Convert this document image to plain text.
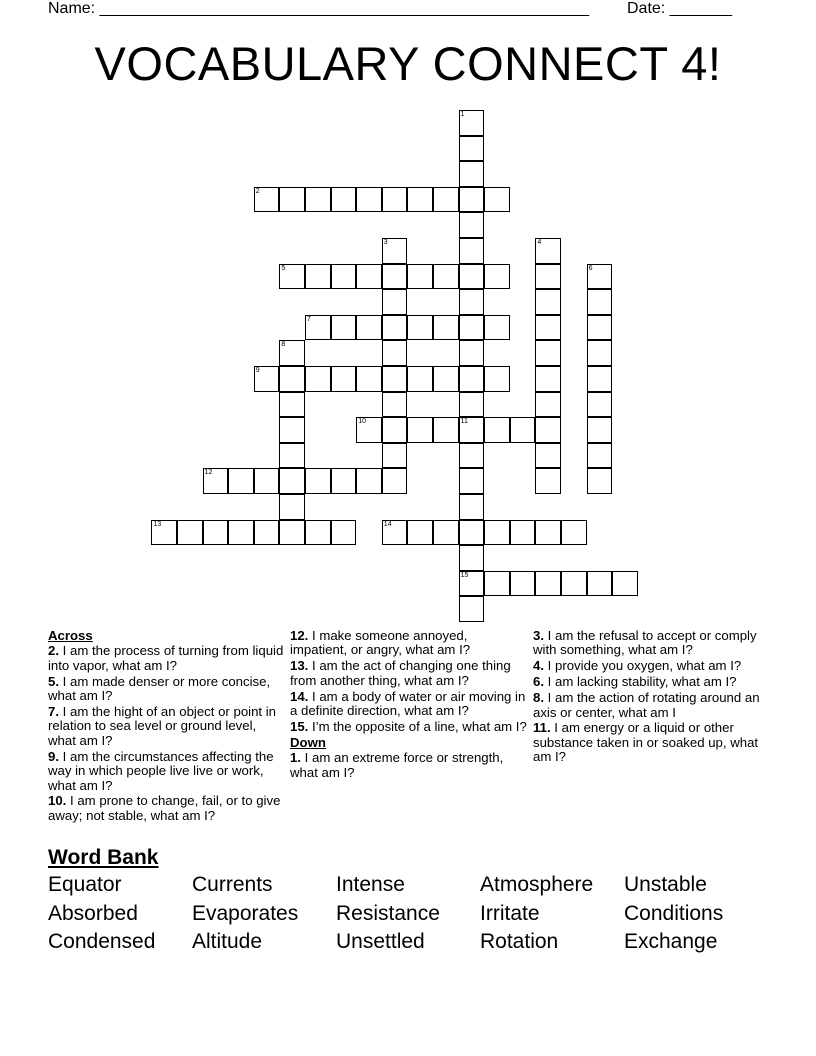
Name: _______________________________________________________ Date: _______
VOCABULARY CONNECT 4!
1
11
15
2
3	4
5	6
7
8
9
10
12
13	14
Across
2. I am the process of turning from liquid into vapor, what am I?
5. I am made denser or more concise, what am I?
7. I am the hight of an object or point in relation to sea level or ground level, what am I?
9. I am the circumstances affecting the way in which people live live or work, what am I?
10. I am prone to change, fail, or to give away; not stable, what am I?
12. I make someone annoyed, impatient, or angry, what am I?
13. I am the act of changing one thing from another thing, what am I?
14. I am a body of water or air moving in a definite direction, what am I?
15. I’m the opposite of a line, what am I?
Down
1. I am an extreme force or strength, what am I?
3. I am the refusal to accept or comply with something, what am I?
4. I provide you oxygen, what am I?
6. I am lacking stability, what am I?
8. I am the action of rotating around an axis or center, what am I
11. I am energy or a liquid or other substance taken in or soaked up, what am I?
Word Bank
Equator	Currents	Intense	Atmosphere Unstable
Absorbed	Evaporates Resistance Irritate	Conditions
Condensed Altitude	Unsettled	Rotation	Exchange
